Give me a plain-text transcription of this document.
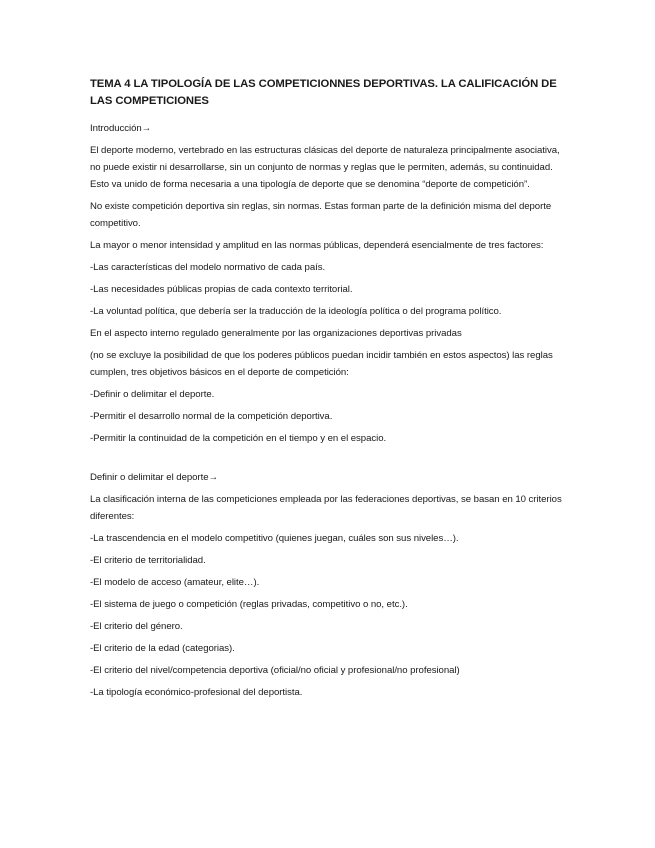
TEMA 4 LA TIPOLOGÍA DE LAS COMPETICIONNES DEPORTIVAS. LA CALIFICACIÓN DE LAS COMPETICIONES

Introducción→

El deporte moderno, vertebrado en las estructuras clásicas del deporte de naturaleza principalmente asociativa, no puede existir ni desarrollarse, sin un conjunto de normas y reglas que le permiten, además, su continuidad. Esto va unido de forma necesaria a una tipología de deporte que se denomina “deporte de competición”.

No existe competición deportiva sin reglas, sin normas. Estas forman parte de la definición misma del deporte competitivo.

La mayor o menor intensidad y amplitud en las normas públicas, dependerá esencialmente de tres factores:

-Las características del modelo normativo de cada país.

-Las necesidades públicas propias de cada contexto territorial.

-La voluntad política, que debería ser la traducción de la ideología política o del programa político.

En el aspecto interno regulado generalmente por las organizaciones deportivas privadas

(no se excluye la posibilidad de que los poderes públicos puedan incidir también en estos aspectos) las reglas cumplen, tres objetivos básicos en el deporte de competición:

-Definir o delimitar el deporte.

-Permitir el desarrollo normal de la competición deportiva.

-Permitir la continuidad de la competición en el tiempo y en el espacio.

Definir o delimitar el deporte→

La clasificación interna de las competiciones empleada por las federaciones deportivas, se basan en 10 criterios diferentes:

-La trascendencia en el modelo competitivo (quienes juegan, cuáles son sus niveles…).

-El criterio de territorialidad.

-El modelo de acceso (amateur, elite…).

-El sistema de juego o competición (reglas privadas, competitivo o no, etc.).

-El criterio del género.

-El criterio de la edad (categorias).

-El criterio del nivel/competencia deportiva (oficial/no oficial y profesional/no profesional)

-La tipología económico-profesional del deportista.
